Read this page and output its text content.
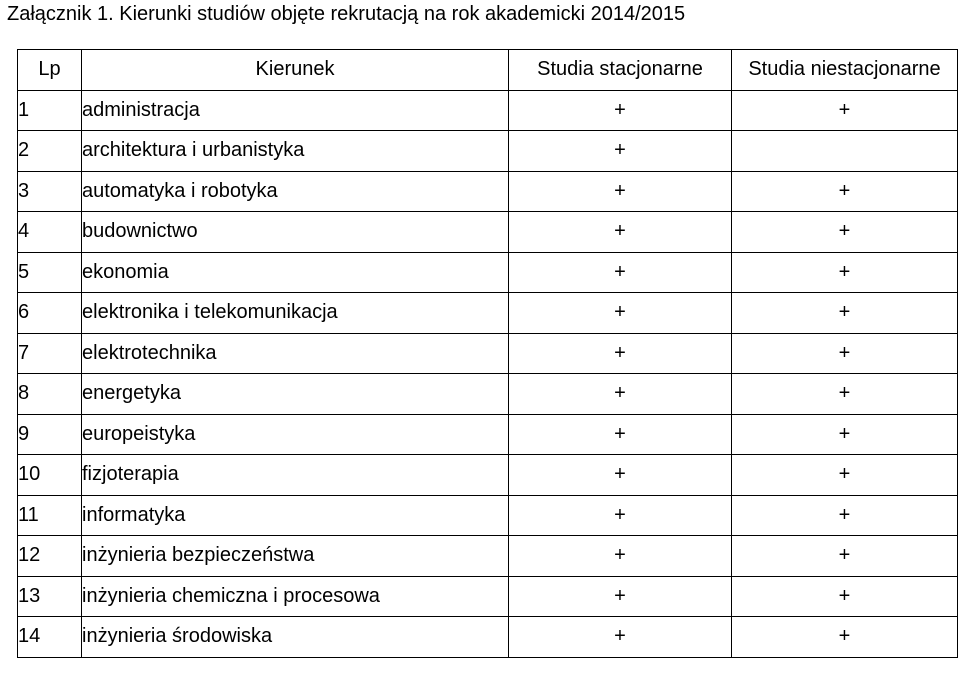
Załącznik 1. Kierunki studiów objęte rekrutacją na rok akademicki 2014/2015
Lp	Kierunek	Studia stacjonarne	Studia niestacjonarne
1	administracja	+	+
2	architektura i urbanistyka	+	
3	automatyka i robotyka	+	+
4	budownictwo	+	+
5	ekonomia	+	+
6	elektronika i telekomunikacja	+	+
7	elektrotechnika	+	+
8	energetyka	+	+
9	europeistyka	+	+
10	fizjoterapia	+	+
11	informatyka	+	+
12	inżynieria bezpieczeństwa	+	+
13	inżynieria chemiczna i procesowa	+	+
14	inżynieria środowiska	+	+
